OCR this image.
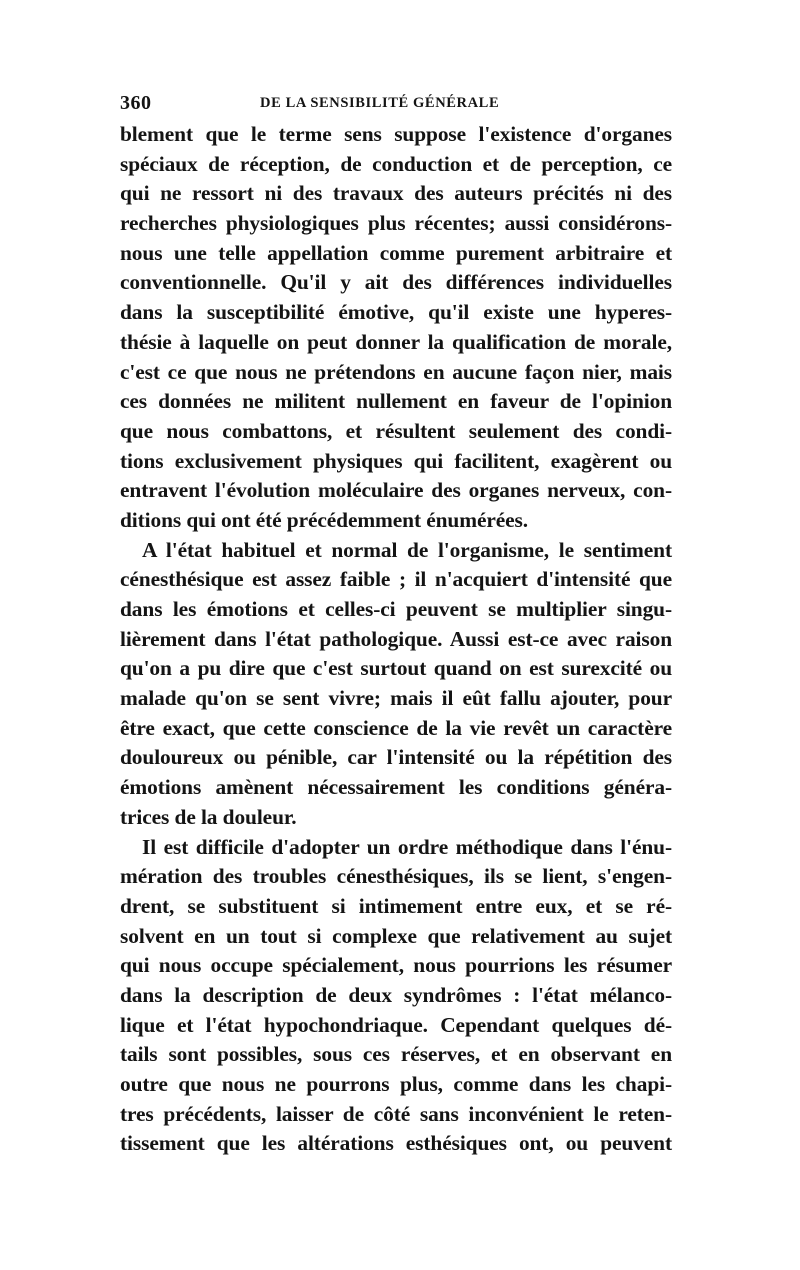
360	DE LA SENSIBILITÉ GÉNÉRALE
blement que le terme sens suppose l'existence d'organes
spéciaux de réception, de conduction et de perception, ce
qui ne ressort ni des travaux des auteurs précités ni des
recherches physiologiques plus récentes; aussi considérons-
nous une telle appellation comme purement arbitraire et
conventionnelle. Qu'il y ait des différences individuelles
dans la susceptibilité émotive, qu'il existe une hyperes-
thésie à laquelle on peut donner la qualification de morale,
c'est ce que nous ne prétendons en aucune façon nier, mais
ces données ne militent nullement en faveur de l'opinion
que nous combattons, et résultent seulement des condi-
tions exclusivement physiques qui facilitent, exagèrent ou
entravent l'évolution moléculaire des organes nerveux, con-
ditions qui ont été précédemment énumérées.
A l'état habituel et normal de l'organisme, le sentiment
cénesthésique est assez faible ; il n'acquiert d'intensité que
dans les émotions et celles-ci peuvent se multiplier singu-
lièrement dans l'état pathologique. Aussi est-ce avec raison
qu'on a pu dire que c'est surtout quand on est surexcité ou
malade qu'on se sent vivre; mais il eût fallu ajouter, pour
être exact, que cette conscience de la vie revêt un caractère
douloureux ou pénible, car l'intensité ou la répétition des
émotions amènent nécessairement les conditions généra-
trices de la douleur.
Il est difficile d'adopter un ordre méthodique dans l'énu-
mération des troubles cénesthésiques, ils se lient, s'engen-
drent, se substituent si intimement entre eux, et se ré-
solvent en un tout si complexe que relativement au sujet
qui nous occupe spécialement, nous pourrions les résumer
dans la description de deux syndrômes : l'état mélanco-
lique et l'état hypochondriaque. Cependant quelques dé-
tails sont possibles, sous ces réserves, et en observant en
outre que nous ne pourrons plus, comme dans les chapi-
tres précédents, laisser de côté sans inconvénient le reten-
tissement que les altérations esthésiques ont, ou peuvent
